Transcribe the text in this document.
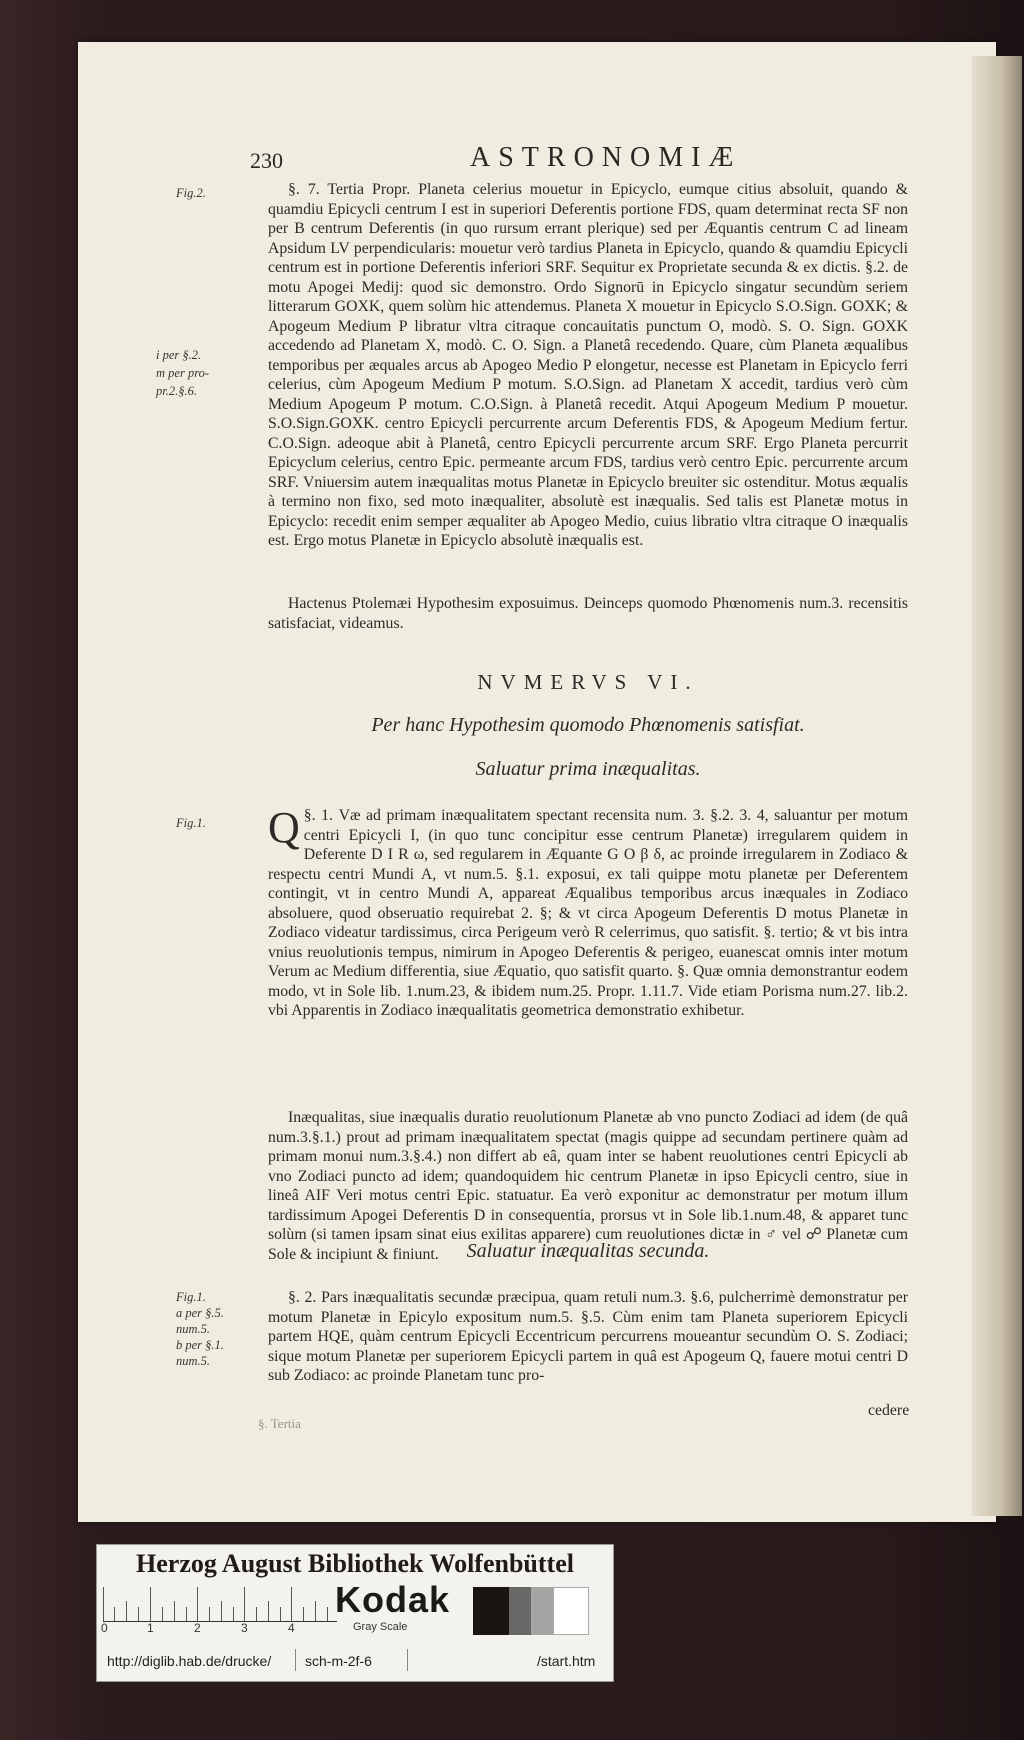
230	ASTRONOMIÆ
Fig.2.
i per §.2.
m per pro-
pr.2.§.6.
Fig.1.
Fig.1.
a per §.5.
num.5.
b per §.1.
num.5.

§. 7. Tertia Propr. Planeta celerius mouetur in Epicyclo, eumque citius absoluit, quando & quamdiu Epicycli centrum I est in superiori Deferentis portione FDS, quam determinat recta SF non per B centrum Deferentis (in quo rursum errant plerique) sed per Æquantis centrum C ad lineam Apsidum LV perpendicularis: mouetur verò tardius Planeta in Epicyclo, quando & quamdiu Epicycli centrum est in portione Deferentis inferiori SRF. Sequitur ex Proprietate secunda & ex dictis. §.2. de motu Apogei Medij: quod sic demonstro. Ordo Signorū in Epicyclo singatur secundùm seriem litterarum GOXK, quem solùm hic attendemus. Planeta X mouetur in Epicyclo S.O.Sign. GOXK; & Apogeum Medium P libratur vltra citraque concauitatis punctum O, modò. S. O. Sign. GOXK accedendo ad Planetam X, modò. C. O. Sign. a Planetâ recedendo. Quare, cùm Planeta æqualibus temporibus per æquales arcus ab Apogeo Medio P elongetur, necesse est Planetam in Epicyclo ferri celerius, cùm Apogeum Medium P motum. S.O.Sign. ad Planetam X accedit, tardius verò cùm Medium Apogeum P motum. C.O.Sign. à Planetâ recedit. Atqui Apogeum Medium P mouetur. S.O.Sign.GOXK. centro Epicycli percurrente arcum Deferentis FDS, & Apogeum Medium fertur. C.O.Sign. adeoque abit à Planetâ, centro Epicycli percurrente arcum SRF. Ergo Planeta percurrit Epicyclum celerius, centro Epic. permeante arcum FDS, tardius verò centro Epic. percurrente arcum SRF. Vniuersim autem inæqualitas motus Planetæ in Epicyclo breuiter sic ostenditur. Motus æqualis à termino non fixo, sed moto inæqualiter, absolutè est inæqualis. Sed talis est Planetæ motus in Epicyclo: recedit enim semper æqualiter ab Apogeo Medio, cuius libratio vltra citraque O inæqualis est. Ergo motus Planetæ in Epicyclo absolutè inæqualis est.

Hactenus Ptolemæi Hypothesim exposuimus. Deinceps quomodo Phœnomenis num.3. recensitis satisfaciat, videamus.

NVMERVS VI.

Per hanc Hypothesim quomodo Phœnomenis satisfiat.

Saluatur prima inæqualitas.

§. 1.
Q Væ ad primam inæqualitatem spectant recensita num. 3. §.2. 3. 4, saluantur per motum centri Epicycli I, (in quo tunc concipitur esse centrum Planetæ) irregularem quidem in Deferente D I R ω, sed regularem in Æquante G O β δ, ac proinde irregularem in Zodiaco & respectu centri Mundi A, vt num.5. §.1. exposui, ex tali quippe motu planetæ per Deferentem contingit, vt in centro Mundi A, appareat Æqualibus temporibus arcus inæquales in Zodiaco absoluere, quod obseruatio requirebat 2. §; & vt circa Apogeum Deferentis D motus Planetæ in Zodiaco videatur tardissimus, circa Perigeum verò R celerrimus, quo satisfit. §. tertio; & vt bis intra vnius reuolutionis tempus, nimirum in Apogeo Deferentis & perigeo, euanescat omnis inter motum Verum ac Medium differentia, siue Æquatio, quo satisfit quarto. §. Quæ omnia demonstrantur eodem modo, vt in Sole lib. 1.num.23, & ibidem num.25. Propr. 1.11.7. Vide etiam Porisma num.27. lib.2. vbi Apparentis in Zodiaco inæqualitatis geometrica demonstratio exhibetur.

Inæqualitas, siue inæqualis duratio reuolutionum Planetæ ab vno puncto Zodiaci ad idem (de quâ num.3.§.1.) prout ad primam inæqualitatem spectat (magis quippe ad secundam pertinere quàm ad primam monui num.3.§.4.) non differt ab eâ, quam inter se habent reuolutiones centri Epicycli ab vno Zodiaci puncto ad idem; quandoquidem hic centrum Planetæ in ipso Epicycli centro, siue in lineâ AIF Veri motus centri Epic. statuatur. Ea verò exponitur ac demonstratur per motum illum tardissimum Apogei Deferentis D in consequentia, prorsus vt in Sole lib.1.num.48, & apparet tunc solùm (si tamen ipsam sinat eius exilitas apparere) cum reuolutiones dictæ in ♂ vel ☍ Planetæ cum Sole & incipiunt & finiunt.	Saluatur inæqualitas secunda.

§. 2. Pars inæqualitatis secundæ præcipua, quam retuli num.3. §.6, pulcherrimè demonstratur per motum Planetæ in Epicylo expositum num.5. §.5. Cùm enim tam Planeta superiorem Epicycli partem HQE, quàm centrum Epicycli Eccentricum percurrens moueantur secundùm O. S. Zodiaci; sique motum Planetæ per superiorem Epicycli partem in quâ est Apogeum Q, fauere motui centri D sub Zodiaco: ac proinde Planetam tunc pro-

cedere
§. Tertia
Herzog August Bibliothek Wolfenbüttel
0	1	2	3	4
Kodak
Gray Scale
http://diglib.hab.de/drucke/ sch-m-2f-6	/start.htm
